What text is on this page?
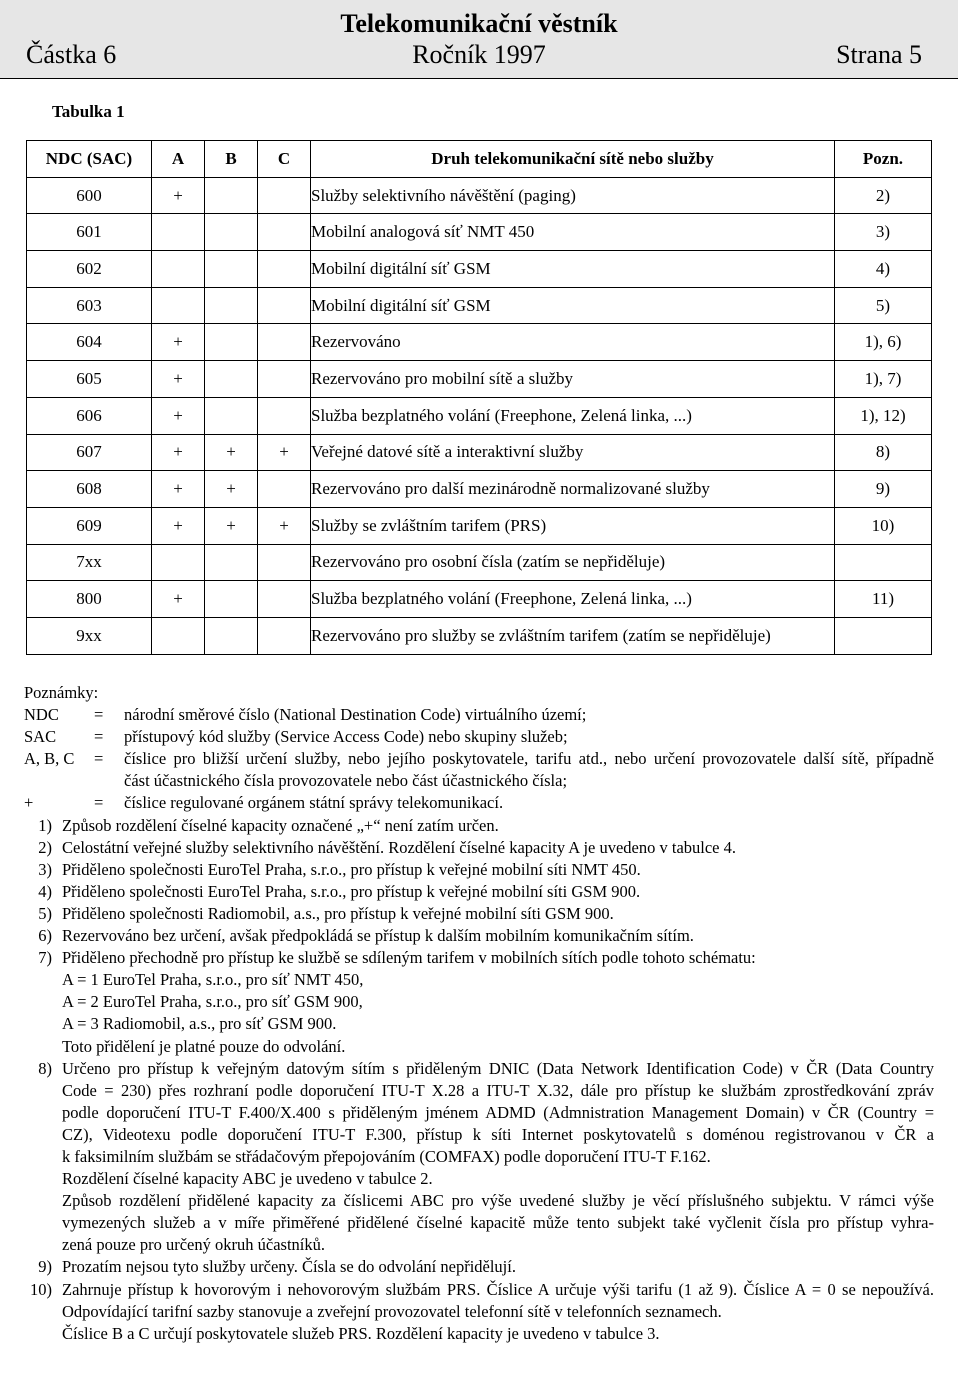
Telekomunikační věstník
Částka 6	Ročník 1997	Strana 5
Tabulka 1
NDC (SAC)	A	B	C	Druh telekomunikační sítě nebo služby	Pozn.
600	+			Služby selektivního návěštění (paging)	2)
601				Mobilní analogová síť NMT 450	3)
602				Mobilní digitální síť GSM	4)
603				Mobilní digitální síť GSM	5)
604	+			Rezervováno	1), 6)
605	+			Rezervováno pro mobilní sítě a služby	1), 7)
606	+			Služba bezplatného volání (Freephone, Zelená linka, ...)	1), 12)
607	+	+	+	Veřejné datové sítě a interaktivní služby	8)
608	+	+		Rezervováno pro další mezinárodně normalizované služby	9)
609	+	+	+	Služby se zvláštním tarifem (PRS)	10)
7xx				Rezervováno pro osobní čísla (zatím se nepřiděluje)	
800	+			Služba bezplatného volání (Freephone, Zelená linka, ...)	11)
9xx				Rezervováno pro služby se zvláštním tarifem (zatím se nepřiděluje)	
Poznámky:
NDC = národní směrové číslo (National Destination Code) virtuálního území;
SAC = přístupový kód služby (Service Access Code) nebo skupiny služeb;
A, B, C = číslice pro bližší určení služby, nebo jejího poskytovatele, tarifu atd., nebo určení provozovatele další sítě, případně
část účastnického čísla provozovatele nebo část účastnického čísla;
+	= číslice regulované orgánem státní správy telekomunikací.
1) Způsob rozdělení číselné kapacity označené „+“ není zatím určen.
2) Celostátní veřejné služby selektivního návěštění. Rozdělení číselné kapacity A je uvedeno v tabulce 4.
3) Přiděleno společnosti EuroTel Praha, s.r.o., pro přístup k veřejné mobilní síti NMT 450.
4) Přiděleno společnosti EuroTel Praha, s.r.o., pro přístup k veřejné mobilní síti GSM 900.
5) Přiděleno společnosti Radiomobil, a.s., pro přístup k veřejné mobilní síti GSM 900.
6) Rezervováno bez určení, avšak předpokládá se přístup k dalším mobilním komunikačním sítím.
7) Přiděleno přechodně pro přístup ke službě se sdíleným tarifem v mobilních sítích podle tohoto schématu:
A = 1 EuroTel Praha, s.r.o., pro síť NMT 450,
A = 2 EuroTel Praha, s.r.o., pro síť GSM 900,
A = 3 Radiomobil, a.s., pro síť GSM 900.
Toto přidělení je platné pouze do odvolání.
8) Určeno pro přístup k veřejným datovým sítím s přiděleným DNIC (Data Network Identification Code) v ČR (Data Country
Code = 230) přes rozhraní podle doporučení ITU-T X.28 a ITU-T X.32, dále pro přístup ke službám zprostředkování zpráv
podle doporučení ITU-T F.400/X.400 s přiděleným jménem ADMD (Admnistration Management Domain) v ČR (Country =
CZ), Videotexu podle doporučení ITU-T F.300, přístup k síti Internet poskytovatelů s doménou registrovanou v ČR a
k faksimilním službám se střádačovým přepojováním (COMFAX) podle doporučení ITU-T F.162.
Rozdělení číselné kapacity ABC je uvedeno v tabulce 2.
Způsob rozdělení přidělené kapacity za číslicemi ABC pro výše uvedené služby je věcí příslušného subjektu. V rámci výše
vymezených služeb a v míře přiměřené přidělené číselné kapacitě může tento subjekt také vyčlenit čísla pro přístup vyhra-
zená pouze pro určený okruh účastníků.
9) Prozatím nejsou tyto služby určeny. Čísla se do odvolání nepřidělují.
10) Zahrnuje přístup k hovorovým i nehovorovým službám PRS. Číslice A určuje výši tarifu (1 až 9). Číslice A = 0 se nepoužívá.
Odpovídající tarifní sazby stanovuje a zveřejní provozovatel telefonní sítě v telefonních seznamech.
Číslice B a C určují poskytovatele služeb PRS. Rozdělení kapacity je uvedeno v tabulce 3.
